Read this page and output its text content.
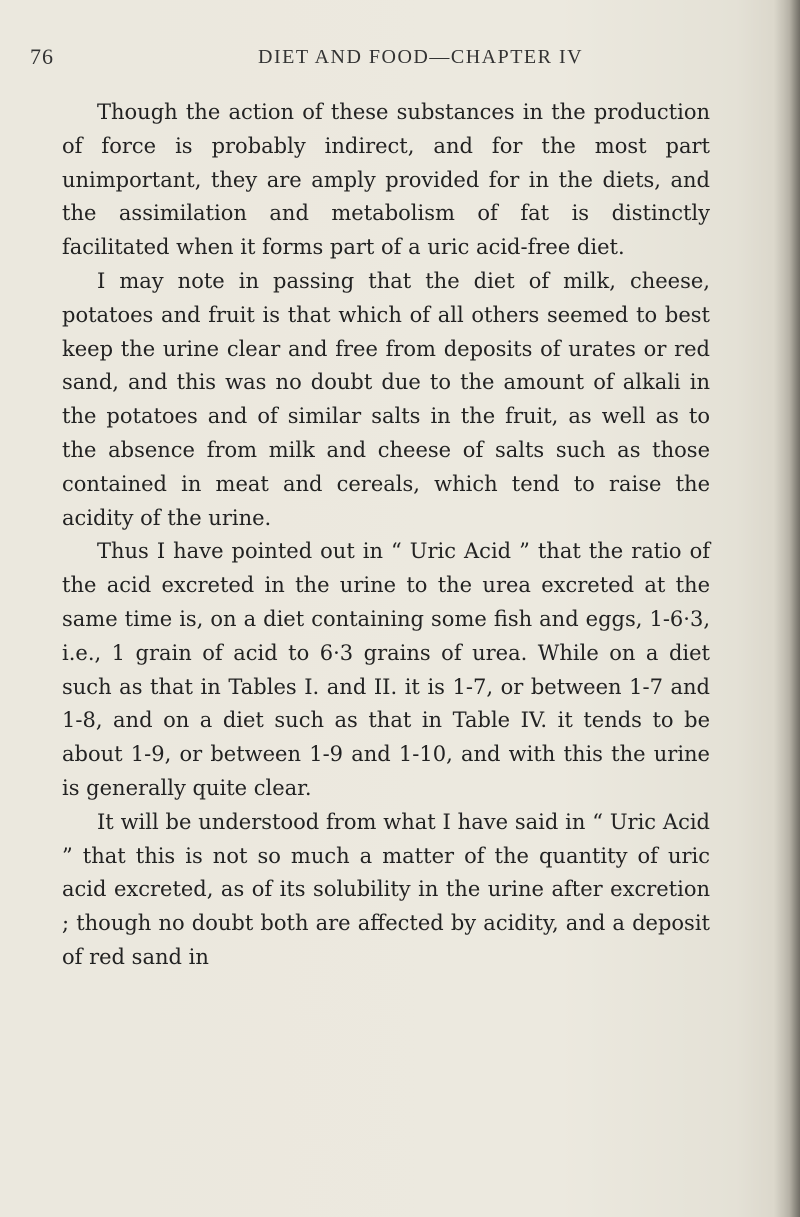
76	DIET AND FOOD—CHAPTER IV

Though the action of these substances in the production of force is probably indirect, and for the most part unimportant, they are amply provided for in the diets, and the assimilation and metabolism of fat is distinctly facilitated when it forms part of a uric acid-free diet.

I may note in passing that the diet of milk, cheese, potatoes and fruit is that which of all others seemed to best keep the urine clear and free from deposits of urates or red sand, and this was no doubt due to the amount of alkali in the potatoes and of similar salts in the fruit, as well as to the absence from milk and cheese of salts such as those contained in meat and cereals, which tend to raise the acidity of the urine.

Thus I have pointed out in “ Uric Acid ” that the ratio of the acid excreted in the urine to the urea excreted at the same time is, on a diet containing some fish and eggs, 1-6·3, i.e., 1 grain of acid to 6·3 grains of urea. While on a diet such as that in Tables I. and II. it is 1-7, or between 1-7 and 1-8, and on a diet such as that in Table IV. it tends to be about 1-9, or between 1-9 and 1-10, and with this the urine is generally quite clear.

It will be understood from what I have said in “ Uric Acid ” that this is not so much a matter of the quantity of uric acid excreted, as of its solubility in the urine after excretion ; though no doubt both are affected by acidity, and a deposit of red sand in
